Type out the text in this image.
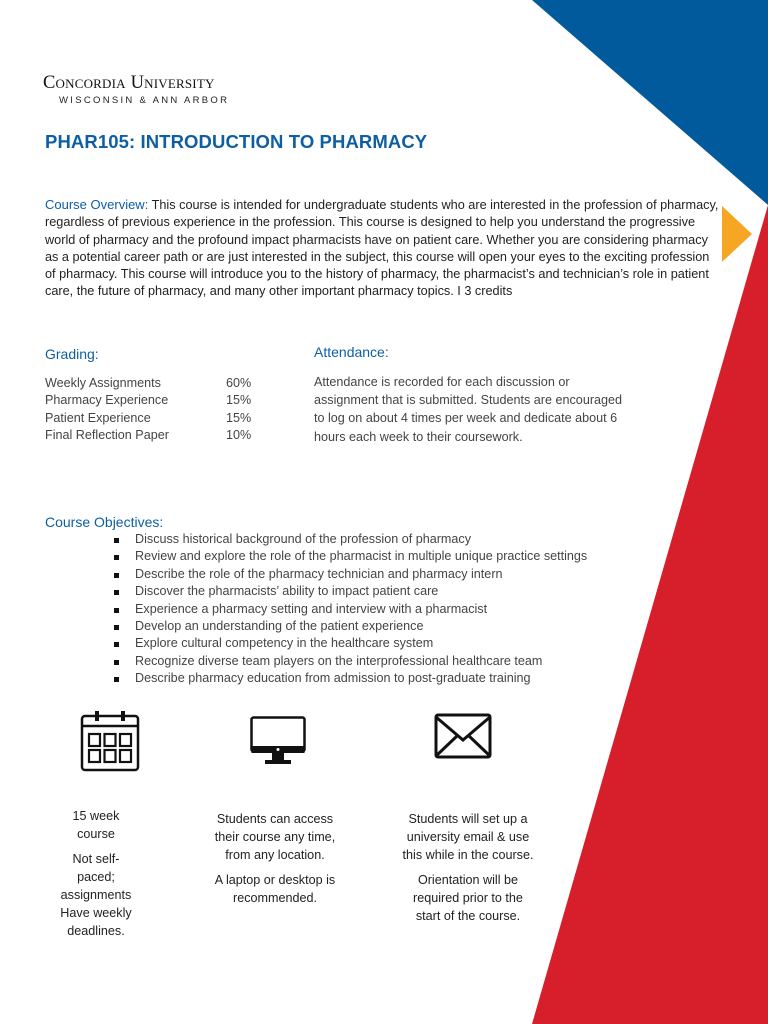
Concordia University
WISCONSIN & ANN ARBOR
PHAR105: INTRODUCTION TO PHARMACY

Course Overview: This course is intended for undergraduate students who are interested in the profession of pharmacy, regardless of previous experience in the profession. This course is designed to help you understand the progressive world of pharmacy and the profound impact pharmacists have on patient care. Whether you are considering pharmacy as a potential career path or are just interested in the subject, this course will open your eyes to the exciting profession of pharmacy. This course will introduce you to the history of pharmacy, the pharmacist’s and technician’s role in patient care, the future of pharmacy, and many other important pharmacy topics. I 3 credits

Grading:
Weekly Assignments	60%
Pharmacy Experience	15%
Patient Experience	15%
Final Reflection Paper	10%
Attendance:

Attendance is recorded for each discussion or assignment that is submitted. Students are encouraged to log on about 4 times per week and dedicate about 6 hours each week to their coursework.

Course Objectives:
Discuss historical background of the profession of pharmacy
Review and explore the role of the pharmacist in multiple unique practice settings
Describe the role of the pharmacy technician and pharmacy intern
Discover the pharmacists’ ability to impact patient care
Experience a pharmacy setting and interview with a pharmacist
Develop an understanding of the patient experience
Explore cultural competency in the healthcare system
Recognize diverse team players on the interprofessional healthcare team
Describe pharmacy education from admission to post-graduate training

15 week course

Not self-paced; assignments Have weekly deadlines.

Students can access their course any time, from any location.

A laptop or desktop is recommended.

Students will set up a university email & use this while in the course.

Orientation will be required prior to the start of the course.
